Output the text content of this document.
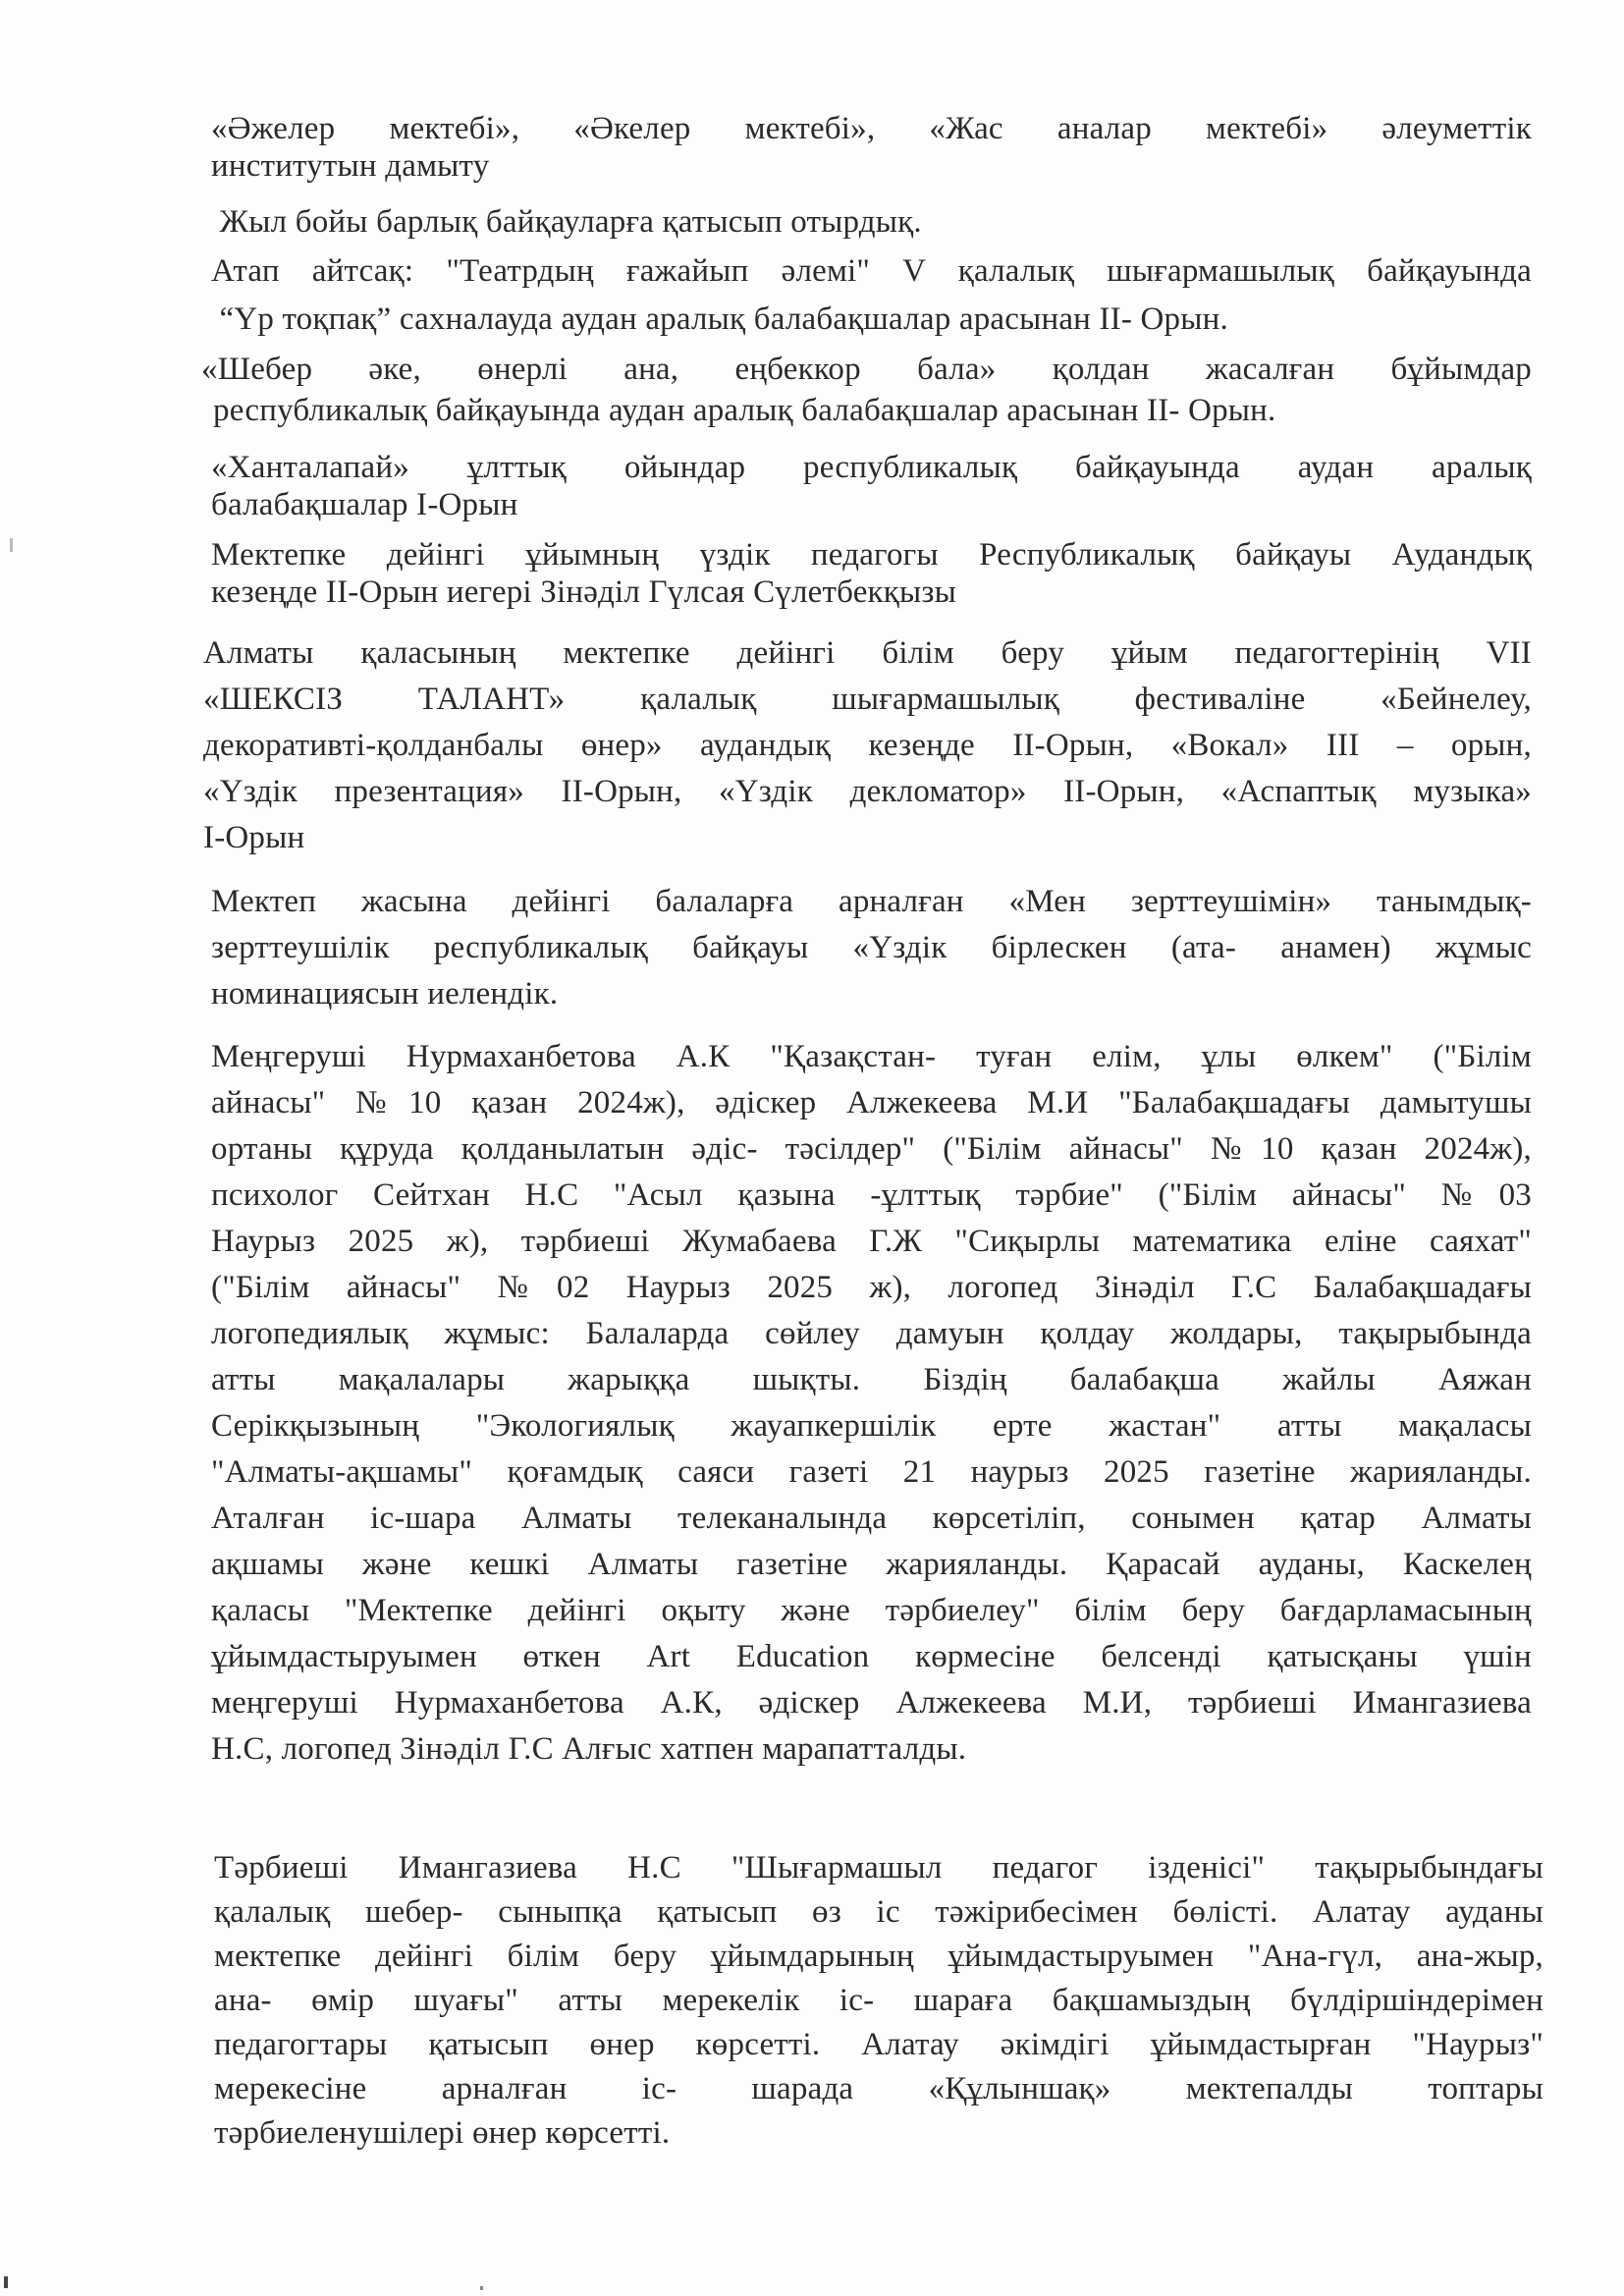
«Әжелер мектебі», «Әкелер мектебі», «Жас аналар мектебі» әлеуметтік
институтын дамыту
Жыл бойы барлық байқауларға қатысып отырдық.
Атап айтсақ: "Театрдың ғажайып әлемі" V қалалық шығармашылық байқауында
“Үр тоқпақ” сахналауда аудан аралық балабақшалар арасынан II- Орын.
«Шебер әке, өнерлі ана, еңбеккор бала» қолдан жасалған бұйымдар
республикалық байқауында аудан аралық балабақшалар арасынан II- Орын.
«Ханталапай» ұлттық ойындар республикалық байқауында аудан аралық
балабақшалар I-Орын
Мектепке дейінгі ұйымның үздік педагогы Республикалық байқауы Аудандық
кезеңде II-Орын иегері Зінәділ Гүлсая Сүлетбекқызы
Алматы қаласының мектепке дейінгі білім беру ұйым педагогтерінің VII
«ШЕКСІЗ ТАЛАНТ» қалалық шығармашылық фестиваліне «Бейнелеу,
декоративті-қолданбалы өнер» аудандық кезеңде II-Орын, «Вокал» III – орын,
«Үздік презентация» II-Орын, «Үздік декломатор» II-Орын, «Аспаптық музыка»
I-Орын
Мектеп жасына дейінгі балаларға арналған «Мен зерттеушімін» танымдық-
зерттеушілік республикалық байқауы «Үздік бірлескен (ата- анамен) жұмыс
номинациясын иелендік.
Меңгеруші Нурмаханбетова А.К "Қазақстан- туған елім, ұлы өлкем" ("Білім
айнасы" №10 қазан 2024ж), әдіскер Алжекеева М.И "Балабақшадағы дамытушы
ортаны құруда қолданылатын әдіс- тәсілдер" ("Білім айнасы" №10 қазан 2024ж),
психолог Сейтхан Н.С "Асыл қазына -ұлттық тәрбие" ("Білім айнасы" №03
Наурыз 2025 ж), тәрбиеші Жумабаева Г.Ж "Сиқырлы математика еліне саяхат"
("Білім айнасы" №02 Наурыз 2025 ж), логопед Зінәділ Г.С Балабақшадағы
логопедиялық жұмыс: Балаларда сөйлеу дамуын қолдау жолдары, тақырыбында
атты мақалалары жарыққа шықты. Біздің балабақша жайлы Аяжан
Серікқызының "Экологиялық жауапкершілік ерте жастан" атты мақаласы
"Алматы-ақшамы" қоғамдық саяси газеті 21 наурыз 2025 газетіне жарияланды.
Аталған іс-шара Алматы телеканалында көрсетіліп, сонымен қатар Алматы
ақшамы және кешкі Алматы газетіне жарияланды. Қарасай ауданы, Каскелең
қаласы "Мектепке дейінгі оқыту және тәрбиелеу" білім беру бағдарламасының
ұйымдастыруымен өткен Art Education көрмесіне белсенді қатысқаны үшін
меңгеруші Нурмаханбетова А.К, әдіскер Алжекеева М.И, тәрбиеші Имангазиева
Н.С, логопед Зінәділ Г.С Алғыс хатпен марапатталды.
Тәрбиеші Имангазиева Н.С "Шығармашыл педагог ізденісі" тақырыбындағы
қалалық шебер- сыныпқа қатысып өз іс тәжірибесімен бөлісті. Алатау ауданы
мектепке дейінгі білім беру ұйымдарының ұйымдастыруымен "Ана-гүл, ана-жыр,
ана- өмір шуағы" атты мерекелік іс- шараға бақшамыздың бүлдіршіндерімен
педагогтары қатысып өнер көрсетті. Алатау әкімдігі ұйымдастырған "Наурыз"
мерекесіне арналған іс- шарада «Құлыншақ» мектепалды топтары
тәрбиеленушілері өнер көрсетті.
